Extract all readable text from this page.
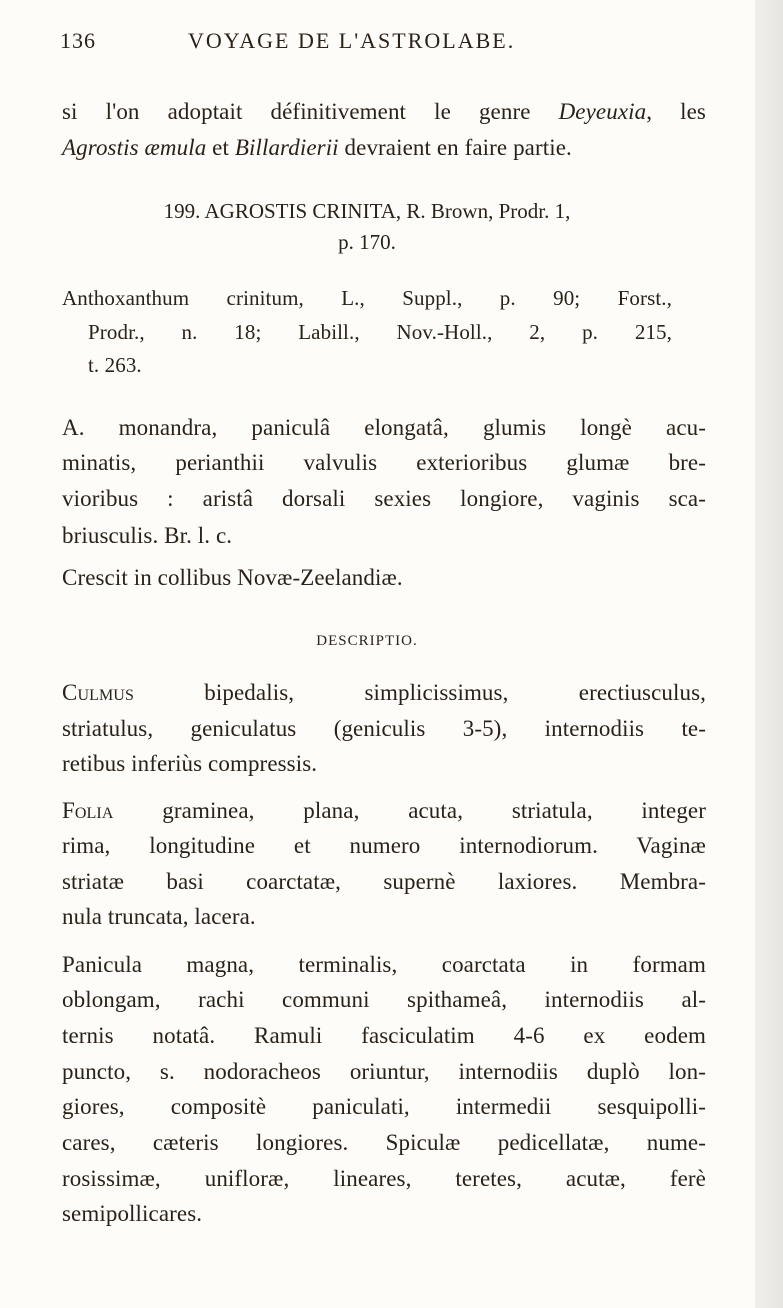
136	VOYAGE DE L'ASTROLABE.
si l'on adoptait définitivement le genre Deyeuxia, les
Agrostis æmula et Billardierii devraient en faire partie.
199. AGROSTIS CRINITA, R. Brown, Prodr. 1,
p. 170.
Anthoxanthum crinitum, L., Suppl., p. 90; Forst.,
Prodr., n. 18; Labill., Nov.-Holl., 2, p. 215,
t. 263.
A. monandra, paniculâ elongatâ, glumis longè acu-
minatis, perianthii valvulis exterioribus glumæ bre-
vioribus : aristâ dorsali sexies longiore, vaginis sca-
briusculis. Br. l. c.
Crescit in collibus Novæ-Zeelandiæ.
DESCRIPTIO.
Culmus bipedalis, simplicissimus, erectiusculus,
striatulus, geniculatus (geniculis 3-5), internodiis te-
retibus inferiùs compressis.
Folia graminea, plana, acuta, striatula, integer
rima, longitudine et numero internodiorum. Vaginæ
striatæ basi coarctatæ, supernè laxiores. Membra-
nula truncata, lacera.
Panicula magna, terminalis, coarctata in formam
oblongam, rachi communi spithameâ, internodiis al-
ternis notatâ. Ramuli fasciculatim 4-6 ex eodem
puncto, s. nodoracheos oriuntur, internodiis duplò lon-
giores, compositè paniculati, intermedii sesquipolli-
cares, cæteris longiores. Spiculæ pedicellatæ, nume-
rosissimæ, unifloræ, lineares, teretes, acutæ, ferè
semipollicares.
